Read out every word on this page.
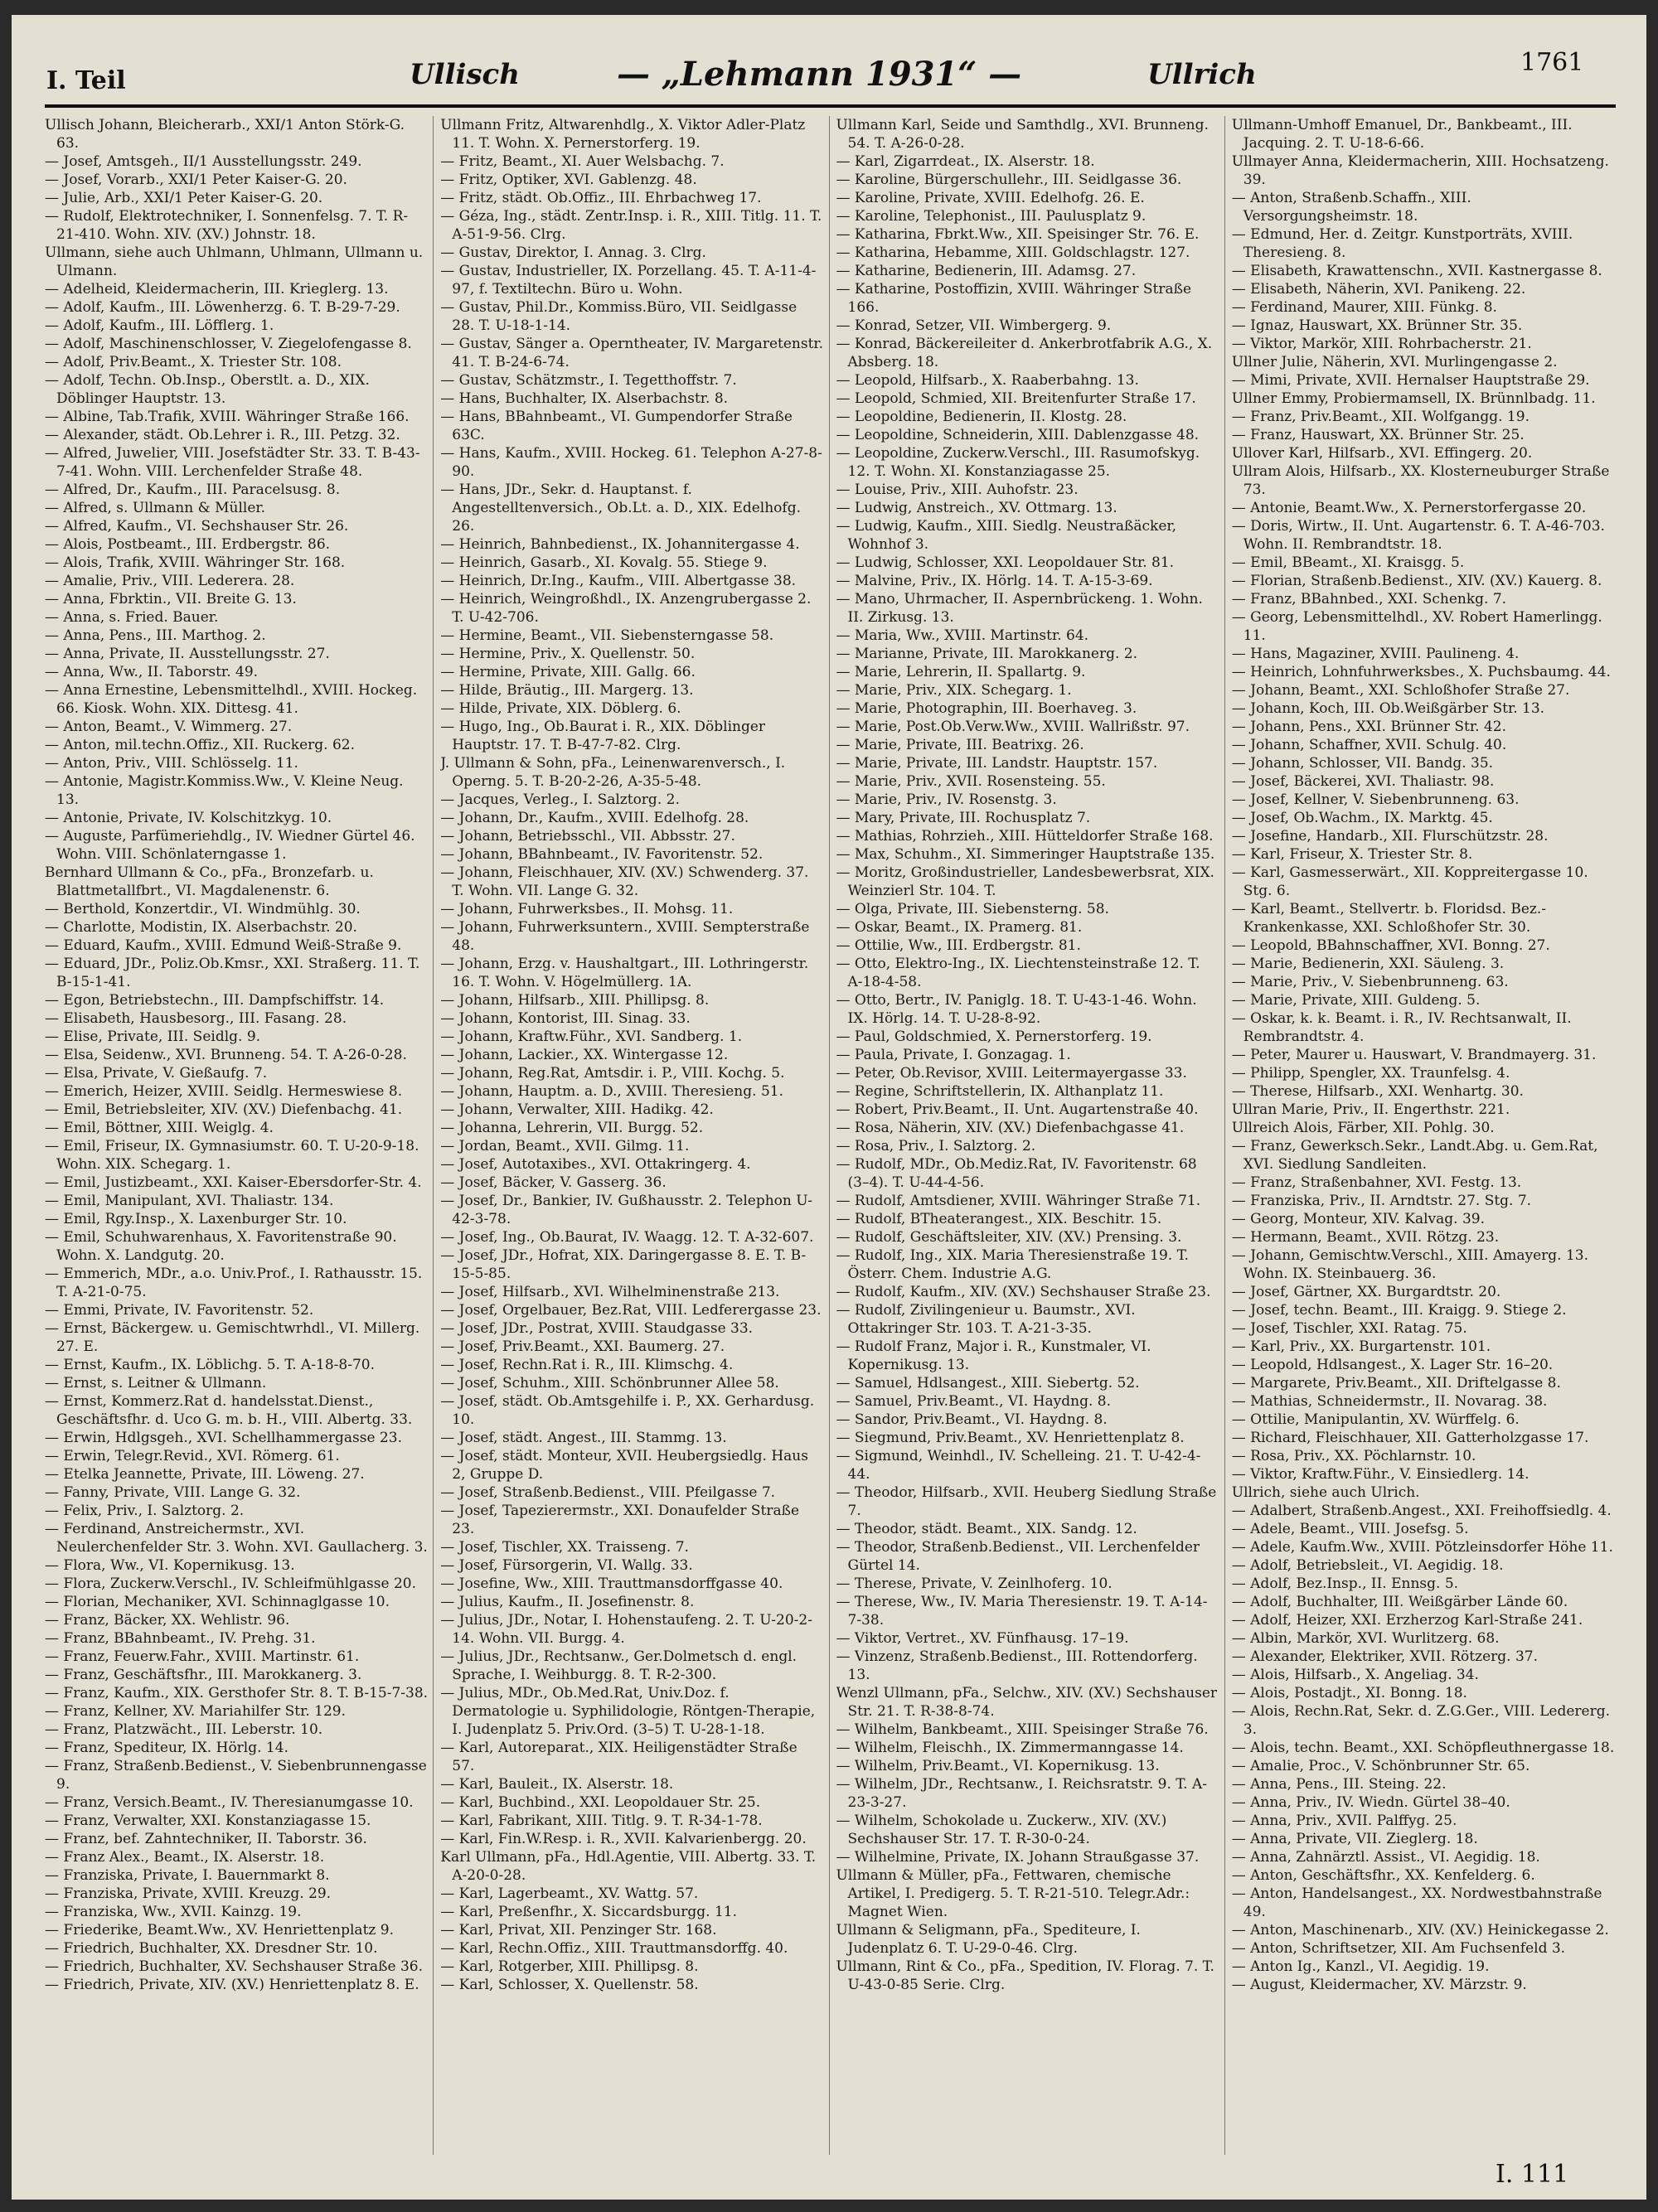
I. Teil	Ullisch	— „Lehmann 1931“ —	Ullrich	1761
Ullisch Johann, Bleicherarb., XXI/1 Anton Störk-G. 63.
— Josef, Amtsgeh., II/1 Ausstellungsstr. 249.
— Josef, Vorarb., XXI/1 Peter Kaiser-G. 20.
— Julie, Arb., XXI/1 Peter Kaiser-G. 20.
— Rudolf, Elektrotechniker, I. Sonnenfelsg. 7. T. R-21-410. Wohn. XIV. (XV.) Johnstr. 18.
Ullmann, siehe auch Uhlmann, Uhlmann, Ullmann u. Ulmann.
— Adelheid, Kleidermacherin, III. Krieglerg. 13.
— Adolf, Kaufm., III. Löwenherzg. 6. T. B-29-7-29.
— Adolf, Kaufm., III. Löfflerg. 1.
— Adolf, Maschinenschlosser, V. Ziegelofengasse 8.
— Adolf, Priv.Beamt., X. Triester Str. 108.
— Adolf, Techn. Ob.Insp., Oberstlt. a. D., XIX. Döblinger Hauptstr. 13.
— Albine, Tab.Trafik, XVIII. Währinger Straße 166.
— Alexander, städt. Ob.Lehrer i. R., III. Petzg. 32.
— Alfred, Juwelier, VIII. Josefstädter Str. 33. T. B-43-7-41. Wohn. VIII. Lerchenfelder Straße 48.
— Alfred, Dr., Kaufm., III. Paracelsusg. 8.
— Alfred, s. Ullmann & Müller.
— Alfred, Kaufm., VI. Sechshauser Str. 26.
— Alois, Postbeamt., III. Erdbergstr. 86.
— Alois, Trafik, XVIII. Währinger Str. 168.
— Amalie, Priv., VIII. Lederera. 28.
— Anna, Fbrktin., VII. Breite G. 13.
— Anna, s. Fried. Bauer.
— Anna, Pens., III. Marthog. 2.
— Anna, Private, II. Ausstellungsstr. 27.
— Anna, Ww., II. Taborstr. 49.
— Anna Ernestine, Lebensmittelhdl., XVIII. Hockeg. 66. Kiosk. Wohn. XIX. Dittesg. 41.
— Anton, Beamt., V. Wimmerg. 27.
— Anton, mil.techn.Offiz., XII. Ruckerg. 62.
— Anton, Priv., VIII. Schlösselg. 11.
— Antonie, Magistr.Kommiss.Ww., V. Kleine Neug. 13.
— Antonie, Private, IV. Kolschitzkyg. 10.
— Auguste, Parfümeriehdlg., IV. Wiedner Gürtel 46. Wohn. VIII. Schönlaterngasse 1.
Bernhard Ullmann & Co., pFa., Bronzefarb. u. Blattmetallfbrt., VI. Magdalenenstr. 6.
— Berthold, Konzertdir., VI. Windmühlg. 30.
— Charlotte, Modistin, IX. Alserbachstr. 20.
— Eduard, Kaufm., XVIII. Edmund Weiß-Straße 9.
— Eduard, JDr., Poliz.Ob.Kmsr., XXI. Straßerg. 11. T. B-15-1-41.
— Egon, Betriebstechn., III. Dampfschiffstr. 14.
— Elisabeth, Hausbesorg., III. Fasang. 28.
— Elise, Private, III. Seidlg. 9.
— Elsa, Seidenw., XVI. Brunneng. 54. T. A-26-0-28.
— Elsa, Private, V. Gießaufg. 7.
— Emerich, Heizer, XVIII. Seidlg. Hermeswiese 8.
— Emil, Betriebsleiter, XIV. (XV.) Diefenbachg. 41.
— Emil, Böttner, XIII. Weiglg. 4.
— Emil, Friseur, IX. Gymnasiumstr. 60. T. U-20-9-18. Wohn. XIX. Schegarg. 1.
— Emil, Justizbeamt., XXI. Kaiser-Ebersdorfer-Str. 4.
— Emil, Manipulant, XVI. Thaliastr. 134.
— Emil, Rgy.Insp., X. Laxenburger Str. 10.
— Emil, Schuhwarenhaus, X. Favoritenstraße 90. Wohn. X. Landgutg. 20.
— Emmerich, MDr., a.o. Univ.Prof., I. Rathausstr. 15. T. A-21-0-75.
— Emmi, Private, IV. Favoritenstr. 52.
— Ernst, Bäckergew. u. Gemischtwrhdl., VI. Millerg. 27. E.
— Ernst, Kaufm., IX. Löblichg. 5. T. A-18-8-70.
— Ernst, s. Leitner & Ullmann.
— Ernst, Kommerz.Rat d. handelsstat.Dienst., Geschäftsfhr. d. Uco G. m. b. H., VIII. Albertg. 33.
— Erwin, Hdlgsgeh., XVI. Schellhammergasse 23.
— Erwin, Telegr.Revid., XVI. Römerg. 61.
— Etelka Jeannette, Private, III. Löweng. 27.
— Fanny, Private, VIII. Lange G. 32.
— Felix, Priv., I. Salztorg. 2.
— Ferdinand, Anstreichermstr., XVI. Neulerchenfelder Str. 3. Wohn. XVI. Gaullacherg. 3.
— Flora, Ww., VI. Kopernikusg. 13.
— Flora, Zuckerw.Verschl., IV. Schleifmühlgasse 20.
— Florian, Mechaniker, XVI. Schinnaglgasse 10.
— Franz, Bäcker, XX. Wehlistr. 96.
— Franz, BBahnbeamt., IV. Prehg. 31.
— Franz, Feuerw.Fahr., XVIII. Martinstr. 61.
— Franz, Geschäftsfhr., III. Marokkanerg. 3.
— Franz, Kaufm., XIX. Gersthofer Str. 8. T. B-15-7-38.
— Franz, Kellner, XV. Mariahilfer Str. 129.
— Franz, Platzwächt., III. Leberstr. 10.
— Franz, Spediteur, IX. Hörlg. 14.
— Franz, Straßenb.Bedienst., V. Siebenbrunnengasse 9.
— Franz, Versich.Beamt., IV. Theresianumgasse 10.
— Franz, Verwalter, XXI. Konstanziagasse 15.
— Franz, bef. Zahntechniker, II. Taborstr. 36.
— Franz Alex., Beamt., IX. Alserstr. 18.
— Franziska, Private, I. Bauernmarkt 8.
— Franziska, Private, XVIII. Kreuzg. 29.
— Franziska, Ww., XVII. Kainzg. 19.
— Friederike, Beamt.Ww., XV. Henriettenplatz 9.
— Friedrich, Buchhalter, XX. Dresdner Str. 10.
— Friedrich, Buchhalter, XV. Sechshauser Straße 36.
— Friedrich, Private, XIV. (XV.) Henriettenplatz 8. E.
Ullmann Fritz, Altwarenhdlg., X. Viktor Adler-Platz 11. T. Wohn. X. Pernerstorferg. 19.
— Fritz, Beamt., XI. Auer Welsbachg. 7.
— Fritz, Optiker, XVI. Gablenzg. 48.
— Fritz, städt. Ob.Offiz., III. Ehrbachweg 17.
— Géza, Ing., städt. Zentr.Insp. i. R., XIII. Titlg. 11. T. A-51-9-56. Clrg.
— Gustav, Direktor, I. Annag. 3. Clrg.
— Gustav, Industrieller, IX. Porzellang. 45. T. A-11-4-97, f. Textiltechn. Büro u. Wohn.
— Gustav, Phil.Dr., Kommiss.Büro, VII. Seidlgasse 28. T. U-18-1-14.
— Gustav, Sänger a. Operntheater, IV. Margaretenstr. 41. T. B-24-6-74.
— Gustav, Schätzmstr., I. Tegetthoffstr. 7.
— Hans, Buchhalter, IX. Alserbachstr. 8.
— Hans, BBahnbeamt., VI. Gumpendorfer Straße 63C.
— Hans, Kaufm., XVIII. Hockeg. 61. Telephon A-27-8-90.
— Hans, JDr., Sekr. d. Hauptanst. f. Angestelltenversich., Ob.Lt. a. D., XIX. Edelhofg. 26.
— Heinrich, Bahnbedienst., IX. Johannitergasse 4.
— Heinrich, Gasarb., XI. Kovalg. 55. Stiege 9.
— Heinrich, Dr.Ing., Kaufm., VIII. Albertgasse 38.
— Heinrich, Weingroßhdl., IX. Anzengrubergasse 2. T. U-42-706.
— Hermine, Beamt., VII. Siebensterngasse 58.
— Hermine, Priv., X. Quellenstr. 50.
— Hermine, Private, XIII. Gallg. 66.
— Hilde, Bräutig., III. Margerg. 13.
— Hilde, Private, XIX. Döblerg. 6.
— Hugo, Ing., Ob.Baurat i. R., XIX. Döblinger Hauptstr. 17. T. B-47-7-82. Clrg.
J. Ullmann & Sohn, pFa., Leinenwarenversch., I. Operng. 5. T. B-20-2-26, A-35-5-48.
— Jacques, Verleg., I. Salztorg. 2.
— Johann, Dr., Kaufm., XVIII. Edelhofg. 28.
— Johann, Betriebsschl., VII. Abbsstr. 27.
— Johann, BBahnbeamt., IV. Favoritenstr. 52.
— Johann, Fleischhauer, XIV. (XV.) Schwenderg. 37. T. Wohn. VII. Lange G. 32.
— Johann, Fuhrwerksbes., II. Mohsg. 11.
— Johann, Fuhrwerksuntern., XVIII. Sempterstraße 48.
— Johann, Erzg. v. Haushaltgart., III. Lothringerstr. 16. T. Wohn. V. Högelmüllerg. 1A.
— Johann, Hilfsarb., XIII. Phillipsg. 8.
— Johann, Kontorist, III. Sinag. 33.
— Johann, Kraftw.Führ., XVI. Sandberg. 1.
— Johann, Lackier., XX. Wintergasse 12.
— Johann, Reg.Rat, Amtsdir. i. P., VIII. Kochg. 5.
— Johann, Hauptm. a. D., XVIII. Theresieng. 51.
— Johann, Verwalter, XIII. Hadikg. 42.
— Johanna, Lehrerin, VII. Burgg. 52.
— Jordan, Beamt., XVII. Gilmg. 11.
— Josef, Autotaxibes., XVI. Ottakringerg. 4.
— Josef, Bäcker, V. Gasserg. 36.
— Josef, Dr., Bankier, IV. Gußhausstr. 2. Telephon U-42-3-78.
— Josef, Ing., Ob.Baurat, IV. Waagg. 12. T. A-32-607.
— Josef, JDr., Hofrat, XIX. Daringergasse 8. E. T. B-15-5-85.
— Josef, Hilfsarb., XVI. Wilhelminenstraße 213.
— Josef, Orgelbauer, Bez.Rat, VIII. Ledferergasse 23.
— Josef, JDr., Postrat, XVIII. Staudgasse 33.
— Josef, Priv.Beamt., XXI. Baumerg. 27.
— Josef, Rechn.Rat i. R., III. Klimschg. 4.
— Josef, Schuhm., XIII. Schönbrunner Allee 58.
— Josef, städt. Ob.Amtsgehilfe i. P., XX. Gerhardusg. 10.
— Josef, städt. Angest., III. Stammg. 13.
— Josef, städt. Monteur, XVII. Heubergsiedlg. Haus 2, Gruppe D.
— Josef, Straßenb.Bedienst., VIII. Pfeilgasse 7.
— Josef, Tapezierermstr., XXI. Donaufelder Straße 23.
— Josef, Tischler, XX. Traisseng. 7.
— Josef, Fürsorgerin, VI. Wallg. 33.
— Josefine, Ww., XIII. Trauttmansdorffgasse 40.
— Julius, Kaufm., II. Josefinenstr. 8.
— Julius, JDr., Notar, I. Hohenstaufeng. 2. T. U-20-2-14. Wohn. VII. Burgg. 4.
— Julius, JDr., Rechtsanw., Ger.Dolmetsch d. engl. Sprache, I. Weihburgg. 8. T. R-2-300.
— Julius, MDr., Ob.Med.Rat, Univ.Doz. f. Dermatologie u. Syphilidologie, Röntgen-Therapie, I. Judenplatz 5. Priv.Ord. (3–5) T. U-28-1-18.
— Karl, Autoreparat., XIX. Heiligenstädter Straße 57.
— Karl, Bauleit., IX. Alserstr. 18.
— Karl, Buchbind., XXI. Leopoldauer Str. 25.
— Karl, Fabrikant, XIII. Titlg. 9. T. R-34-1-78.
— Karl, Fin.W.Resp. i. R., XVII. Kalvarienbergg. 20.
Karl Ullmann, pFa., Hdl.Agentie, VIII. Albertg. 33. T. A-20-0-28.
— Karl, Lagerbeamt., XV. Wattg. 57.
— Karl, Preßenfhr., X. Siccardsburgg. 11.
— Karl, Privat, XII. Penzinger Str. 168.
— Karl, Rechn.Offiz., XIII. Trauttmansdorffg. 40.
— Karl, Rotgerber, XIII. Phillipsg. 8.
— Karl, Schlosser, X. Quellenstr. 58.
Ullmann Karl, Seide und Samthdlg., XVI. Brunneng. 54. T. A-26-0-28.
— Karl, Zigarrdeat., IX. Alserstr. 18.
— Karoline, Bürgerschullehr., III. Seidlgasse 36.
— Karoline, Private, XVIII. Edelhofg. 26. E.
— Karoline, Telephonist., III. Paulusplatz 9.
— Katharina, Fbrkt.Ww., XII. Speisinger Str. 76. E.
— Katharina, Hebamme, XIII. Goldschlagstr. 127.
— Katharine, Bedienerin, III. Adamsg. 27.
— Katharine, Postoffizin, XVIII. Währinger Straße 166.
— Konrad, Setzer, VII. Wimbergerg. 9.
— Konrad, Bäckereileiter d. Ankerbrotfabrik A.G., X. Absberg. 18.
— Leopold, Hilfsarb., X. Raaberbahng. 13.
— Leopold, Schmied, XII. Breitenfurter Straße 17.
— Leopoldine, Bedienerin, II. Klostg. 28.
— Leopoldine, Schneiderin, XIII. Dablenzgasse 48.
— Leopoldine, Zuckerw.Verschl., III. Rasumofskyg. 12. T. Wohn. XI. Konstanziagasse 25.
— Louise, Priv., XIII. Auhofstr. 23.
— Ludwig, Anstreich., XV. Ottmarg. 13.
— Ludwig, Kaufm., XIII. Siedlg. Neustraßäcker, Wohnhof 3.
— Ludwig, Schlosser, XXI. Leopoldauer Str. 81.
— Malvine, Priv., IX. Hörlg. 14. T. A-15-3-69.
— Mano, Uhrmacher, II. Aspernbrückeng. 1. Wohn. II. Zirkusg. 13.
— Maria, Ww., XVIII. Martinstr. 64.
— Marianne, Private, III. Marokkanerg. 2.
— Marie, Lehrerin, II. Spallartg. 9.
— Marie, Priv., XIX. Schegarg. 1.
— Marie, Photographin, III. Boerhaveg. 3.
— Marie, Post.Ob.Verw.Ww., XVIII. Wallrißstr. 97.
— Marie, Private, III. Beatrixg. 26.
— Marie, Private, III. Landstr. Hauptstr. 157.
— Marie, Priv., XVII. Rosensteing. 55.
— Marie, Priv., IV. Rosenstg. 3.
— Mary, Private, III. Rochusplatz 7.
— Mathias, Rohrzieh., XIII. Hütteldorfer Straße 168.
— Max, Schuhm., XI. Simmeringer Hauptstraße 135.
— Moritz, Großindustrieller, Landesbewerbsrat, XIX. Weinzierl Str. 104. T.
— Olga, Private, III. Siebensterng. 58.
— Oskar, Beamt., IX. Pramerg. 81.
— Ottilie, Ww., III. Erdbergstr. 81.
— Otto, Elektro-Ing., IX. Liechtensteinstraße 12. T. A-18-4-58.
— Otto, Bertr., IV. Paniglg. 18. T. U-43-1-46. Wohn. IX. Hörlg. 14. T. U-28-8-92.
— Paul, Goldschmied, X. Pernerstorferg. 19.
— Paula, Private, I. Gonzagag. 1.
— Peter, Ob.Revisor, XVIII. Leitermayergasse 33.
— Regine, Schriftstellerin, IX. Althanplatz 11.
— Robert, Priv.Beamt., II. Unt. Augartenstraße 40.
— Rosa, Näherin, XIV. (XV.) Diefenbachgasse 41.
— Rosa, Priv., I. Salztorg. 2.
— Rudolf, MDr., Ob.Mediz.Rat, IV. Favoritenstr. 68 (3–4). T. U-44-4-56.
— Rudolf, Amtsdiener, XVIII. Währinger Straße 71.
— Rudolf, BTheaterangest., XIX. Beschitr. 15.
— Rudolf, Geschäftsleiter, XIV. (XV.) Prensing. 3.
— Rudolf, Ing., XIX. Maria Theresienstraße 19. T. Österr. Chem. Industrie A.G.
— Rudolf, Kaufm., XIV. (XV.) Sechshauser Straße 23.
— Rudolf, Zivilingenieur u. Baumstr., XVI. Ottakringer Str. 103. T. A-21-3-35.
— Rudolf Franz, Major i. R., Kunstmaler, VI. Kopernikusg. 13.
— Samuel, Hdlsangest., XIII. Siebertg. 52.
— Samuel, Priv.Beamt., VI. Haydng. 8.
— Sandor, Priv.Beamt., VI. Haydng. 8.
— Siegmund, Priv.Beamt., XV. Henriettenplatz 8.
— Sigmund, Weinhdl., IV. Schelleing. 21. T. U-42-4-44.
— Theodor, Hilfsarb., XVII. Heuberg Siedlung Straße 7.
— Theodor, städt. Beamt., XIX. Sandg. 12.
— Theodor, Straßenb.Bedienst., VII. Lerchenfelder Gürtel 14.
— Therese, Private, V. Zeinlhoferg. 10.
— Therese, Ww., IV. Maria Theresienstr. 19. T. A-14-7-38.
— Viktor, Vertret., XV. Fünfhausg. 17–19.
— Vinzenz, Straßenb.Bedienst., III. Rottendorferg. 13.
Wenzl Ullmann, pFa., Selchw., XIV. (XV.) Sechshauser Str. 21. T. R-38-8-74.
— Wilhelm, Bankbeamt., XIII. Speisinger Straße 76.
— Wilhelm, Fleischh., IX. Zimmermanngasse 14.
— Wilhelm, Priv.Beamt., VI. Kopernikusg. 13.
— Wilhelm, JDr., Rechtsanw., I. Reichsratstr. 9. T. A-23-3-27.
— Wilhelm, Schokolade u. Zuckerw., XIV. (XV.) Sechshauser Str. 17. T. R-30-0-24.
— Wilhelmine, Private, IX. Johann Straußgasse 37.
Ullmann & Müller, pFa., Fettwaren, chemische Artikel, I. Predigerg. 5. T. R-21-510. Telegr.Adr.: Magnet Wien.
Ullmann & Seligmann, pFa., Spediteure, I. Judenplatz 6. T. U-29-0-46. Clrg.
Ullmann, Rint & Co., pFa., Spedition, IV. Florag. 7. T. U-43-0-85 Serie. Clrg.
Ullmann-Umhoff Emanuel, Dr., Bankbeamt., III. Jacquing. 2. T. U-18-6-66.
Ullmayer Anna, Kleidermacherin, XIII. Hochsatzeng. 39.
— Anton, Straßenb.Schaffn., XIII. Versorgungsheimstr. 18.
— Edmund, Her. d. Zeitgr. Kunstporträts, XVIII. Theresieng. 8.
— Elisabeth, Krawattenschn., XVII. Kastnergasse 8.
— Elisabeth, Näherin, XVI. Panikeng. 22.
— Ferdinand, Maurer, XIII. Fünkg. 8.
— Ignaz, Hauswart, XX. Brünner Str. 35.
— Viktor, Markör, XIII. Rohrbacherstr. 21.
Ullner Julie, Näherin, XVI. Murlingengasse 2.
— Mimi, Private, XVII. Hernalser Hauptstraße 29.
Ullner Emmy, Probiermamsell, IX. Brünnlbadg. 11.
— Franz, Priv.Beamt., XII. Wolfgangg. 19.
— Franz, Hauswart, XX. Brünner Str. 25.
Ullover Karl, Hilfsarb., XVI. Effingerg. 20.
Ullram Alois, Hilfsarb., XX. Klosterneuburger Straße 73.
— Antonie, Beamt.Ww., X. Pernerstorfergasse 20.
— Doris, Wirtw., II. Unt. Augartenstr. 6. T. A-46-703. Wohn. II. Rembrandtstr. 18.
— Emil, BBeamt., XI. Kraisgg. 5.
— Florian, Straßenb.Bedienst., XIV. (XV.) Kauerg. 8.
— Franz, BBahnbed., XXI. Schenkg. 7.
— Georg, Lebensmittelhdl., XV. Robert Hamerlingg. 11.
— Hans, Magaziner, XVIII. Paulineng. 4.
— Heinrich, Lohnfuhrwerksbes., X. Puchsbaumg. 44.
— Johann, Beamt., XXI. Schloßhofer Straße 27.
— Johann, Koch, III. Ob.Weißgärber Str. 13.
— Johann, Pens., XXI. Brünner Str. 42.
— Johann, Schaffner, XVII. Schulg. 40.
— Johann, Schlosser, VII. Bandg. 35.
— Josef, Bäckerei, XVI. Thaliastr. 98.
— Josef, Kellner, V. Siebenbrunneng. 63.
— Josef, Ob.Wachm., IX. Marktg. 45.
— Josefine, Handarb., XII. Flurschützstr. 28.
— Karl, Friseur, X. Triester Str. 8.
— Karl, Gasmesserwärt., XII. Koppreitergasse 10. Stg. 6.
— Karl, Beamt., Stellvertr. b. Floridsd. Bez.-Krankenkasse, XXI. Schloßhofer Str. 30.
— Leopold, BBahnschaffner, XVI. Bonng. 27.
— Marie, Bedienerin, XXI. Säuleng. 3.
— Marie, Priv., V. Siebenbrunneng. 63.
— Marie, Private, XIII. Guldeng. 5.
— Oskar, k. k. Beamt. i. R., IV. Rechtsanwalt, II. Rembrandtstr. 4.
— Peter, Maurer u. Hauswart, V. Brandmayerg. 31.
— Philipp, Spengler, XX. Traunfelsg. 4.
— Therese, Hilfsarb., XXI. Wenhartg. 30.
Ullran Marie, Priv., II. Engerthstr. 221.
Ullreich Alois, Färber, XII. Pohlg. 30.
— Franz, Gewerksch.Sekr., Landt.Abg. u. Gem.Rat, XVI. Siedlung Sandleiten.
— Franz, Straßenbahner, XVI. Festg. 13.
— Franziska, Priv., II. Arndtstr. 27. Stg. 7.
— Georg, Monteur, XIV. Kalvag. 39.
— Hermann, Beamt., XVII. Rötzg. 23.
— Johann, Gemischtw.Verschl., XIII. Amayerg. 13. Wohn. IX. Steinbauerg. 36.
— Josef, Gärtner, XX. Burgardtstr. 20.
— Josef, techn. Beamt., III. Kraigg. 9. Stiege 2.
— Josef, Tischler, XXI. Ratag. 75.
— Karl, Priv., XX. Burgartenstr. 101.
— Leopold, Hdlsangest., X. Lager Str. 16–20.
— Margarete, Priv.Beamt., XII. Driftelgasse 8.
— Mathias, Schneidermstr., II. Novarag. 38.
— Ottilie, Manipulantin, XV. Würffelg. 6.
— Richard, Fleischhauer, XII. Gatterholzgasse 17.
— Rosa, Priv., XX. Pöchlarnstr. 10.
— Viktor, Kraftw.Führ., V. Einsiedlerg. 14.
Ullrich, siehe auch Ulrich.
— Adalbert, Straßenb.Angest., XXI. Freihoffsiedlg. 4.
— Adele, Beamt., VIII. Josefsg. 5.
— Adele, Kaufm.Ww., XVIII. Pötzleinsdorfer Höhe 11.
— Adolf, Betriebsleit., VI. Aegidig. 18.
— Adolf, Bez.Insp., II. Ennsg. 5.
— Adolf, Buchhalter, III. Weißgärber Lände 60.
— Adolf, Heizer, XXI. Erzherzog Karl-Straße 241.
— Albin, Markör, XVI. Wurlitzerg. 68.
— Alexander, Elektriker, XVII. Rötzerg. 37.
— Alois, Hilfsarb., X. Angeliag. 34.
— Alois, Postadjt., XI. Bonng. 18.
— Alois, Rechn.Rat, Sekr. d. Z.G.Ger., VIII. Ledererg. 3.
— Alois, techn. Beamt., XXI. Schöpfleuthnergasse 18.
— Amalie, Proc., V. Schönbrunner Str. 65.
— Anna, Pens., III. Steing. 22.
— Anna, Priv., IV. Wiedn. Gürtel 38–40.
— Anna, Priv., XVII. Palffyg. 25.
— Anna, Private, VII. Zieglerg. 18.
— Anna, Zahnärztl. Assist., VI. Aegidig. 18.
— Anton, Geschäftsfhr., XX. Kenfelderg. 6.
— Anton, Handelsangest., XX. Nordwestbahnstraße 49.
— Anton, Maschinenarb., XIV. (XV.) Heinickegasse 2.
— Anton, Schriftsetzer, XII. Am Fuchsenfeld 3.
— Anton Ig., Kanzl., VI. Aegidig. 19.
— August, Kleidermacher, XV. Märzstr. 9.
I. 111
